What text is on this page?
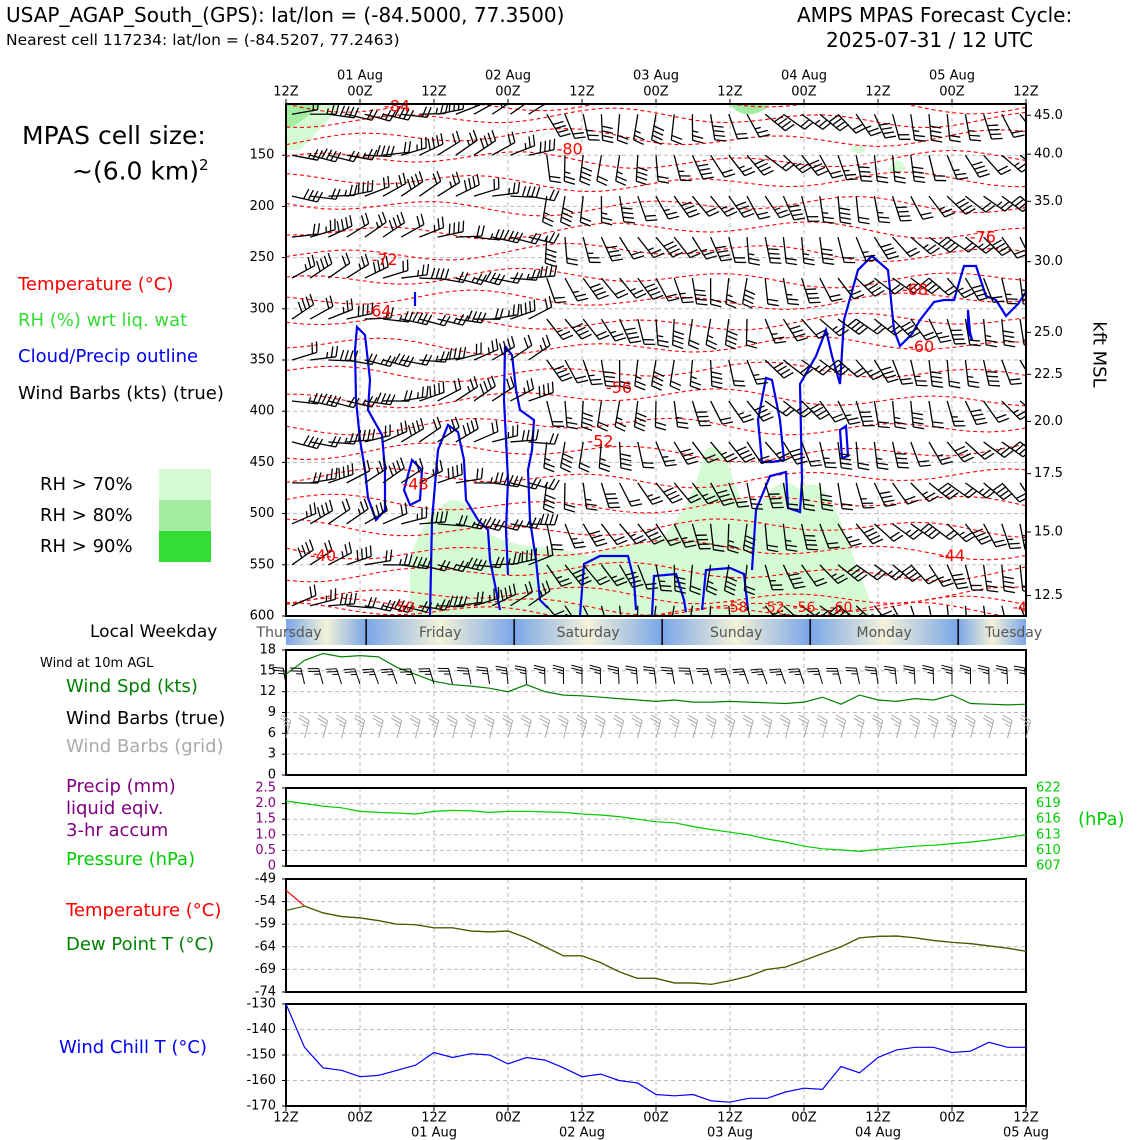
USAP_AGAP_South_(GPS): lat/lon = (-84.5000, 77.3500)
Nearest cell 117234: lat/lon = (-84.5207, 77.2463)
AMPS MPAS Forecast Cycle:
2025-07-31 / 12 UTC
MPAS cell size:
~(6.0 km)$^2$
Temperature (°C)
RH (%) wrt liq. wat
Cloud/Precip outline
Wind Barbs (kts) (true)
RH > 70%
RH > 80%
RH > 90%
kft MSL
Local Weekday
Wind at 10m AGL
Wind Spd (kts)
Wind Barbs (true)
Wind Barbs (grid)
Precip (mm)
liquid eqiv.
3-hr accum
Pressure (hPa)
(hPa)
Temperature (°C)
Dew Point T (°C)
Wind Chill T (°C)
-84
-80
-76
-72
-68
-64
-60
-56
-52
-48
-44
-40
-50	-58 -52 -56 -60	-4
150
200
250
300
350
400
450
500
550
600
45.0
40.0
35.0
30.0
25.0
22.5
20.0
17.5
15.0
12.5
12Z	00Z	12Z	00Z	12Z	00Z	12Z	00Z	12Z	00Z	12Z
01 Aug	02 Aug	03 Aug	04 Aug	05 Aug
Thursday	Friday	Saturday	Sunday	Monday	Tuesday
0
3
6
9
12
15
18
0
0.5
1.0
1.5
2.0
2.5
607
610
613
616
619
622
-49
-54
-59
-64
-69
-74
-130
-140
-150
-160
-170
12Z	00Z	12Z	00Z	12Z	00Z	12Z	00Z	12Z	00Z	12Z
01 Aug	02 Aug	03 Aug	04 Aug	05 Aug
